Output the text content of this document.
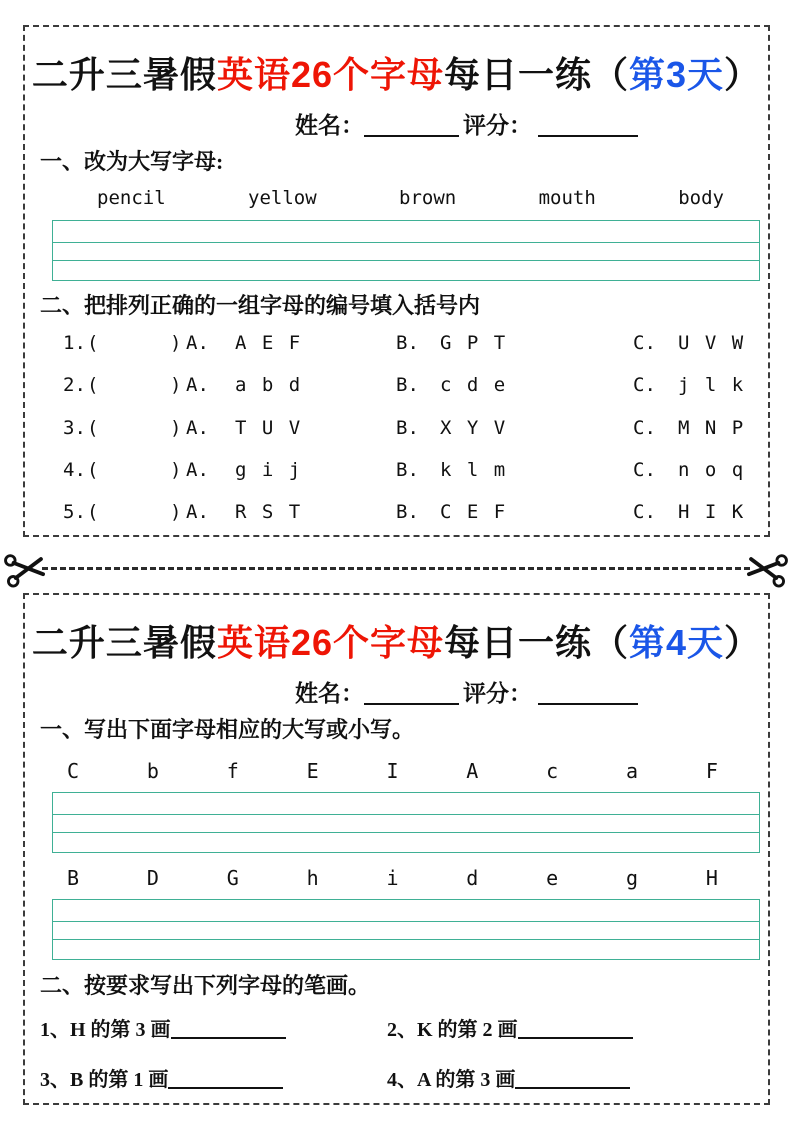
二升三暑假英语26个字母每日一练（第3天）
姓名：	评分：
一、改为大写字母:
pencil	yellow	brown	mouth	body
二、把排列正确的一组字母的编号填入括号内
1. (	) A. A E F	B. G P T	C. U V W
2. (	) A. a b d	B. c d e	C. j l k
3. (	) A. T U V	B. X Y V	C. M N P
4. (	) A. g i j	B. k l m	C. n o q
5. (	) A. R S T	B. C E F	C. H I K
二升三暑假英语26个字母每日一练（第4天）
姓名：	评分：
一、写出下面字母相应的大写或小写。
C	b	f	E	I	A	c	a	F
B	D	G	h	i	d	e	g	H
二、按要求写出下列字母的笔画。
1、H 的第 3 画	2、K 的第 2 画
3、B 的第 1 画	4、A 的第 3 画
